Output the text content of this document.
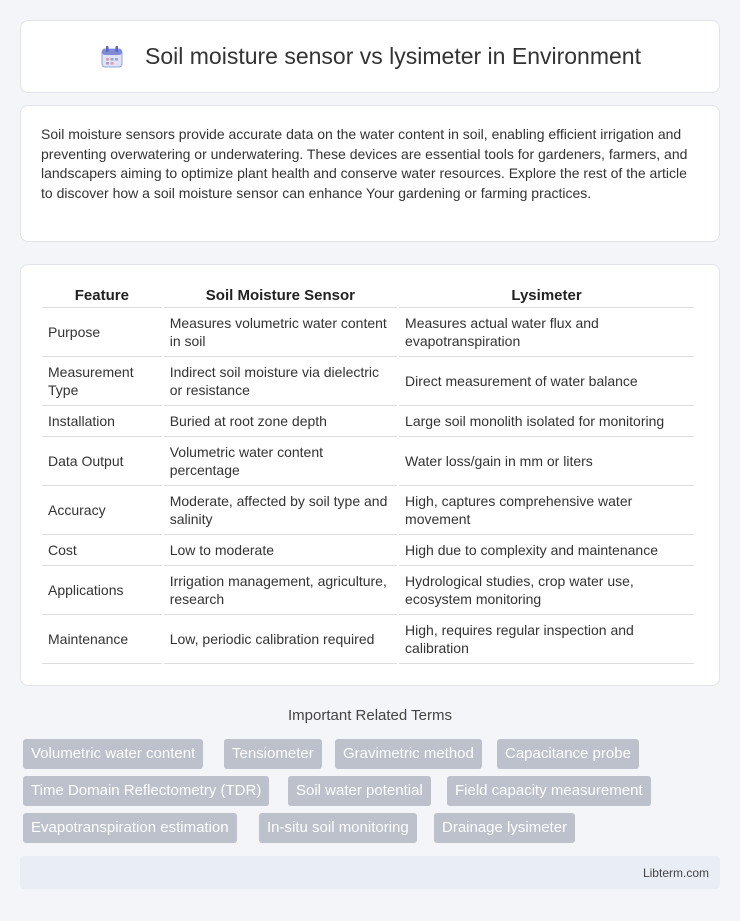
Soil moisture sensor vs lysimeter in Environment

Soil moisture sensors provide accurate data on the water content in soil, enabling efficient irrigation and preventing overwatering or underwatering. These devices are essential tools for gardeners, farmers, and landscapers aiming to optimize plant health and conserve water resources. Explore the rest of the article to discover how a soil moisture sensor can enhance Your gardening or farming practices.

Feature	Soil Moisture Sensor	Lysimeter
Purpose	Measures volumetric water content in soil	Measures actual water flux and evapotranspiration
Measurement Type	Indirect soil moisture via dielectric or resistance	Direct measurement of water balance
Installation	Buried at root zone depth	Large soil monolith isolated for monitoring
Data Output	Volumetric water content percentage	Water loss/gain in mm or liters
Accuracy	Moderate, affected by soil type and salinity	High, captures comprehensive water movement
Cost	Low to moderate	High due to complexity and maintenance
Applications	Irrigation management, agriculture, research	Hydrological studies, crop water use, ecosystem monitoring
Maintenance	Low, periodic calibration required	High, requires regular inspection and calibration
Important Related Terms
Volumetric water content	Tensiometer	Gravimetric method	Capacitance probe
Time Domain Reflectometry (TDR)	Soil water potential	Field capacity measurement
Evapotranspiration estimation	In-situ soil monitoring	Drainage lysimeter
Libterm.com
